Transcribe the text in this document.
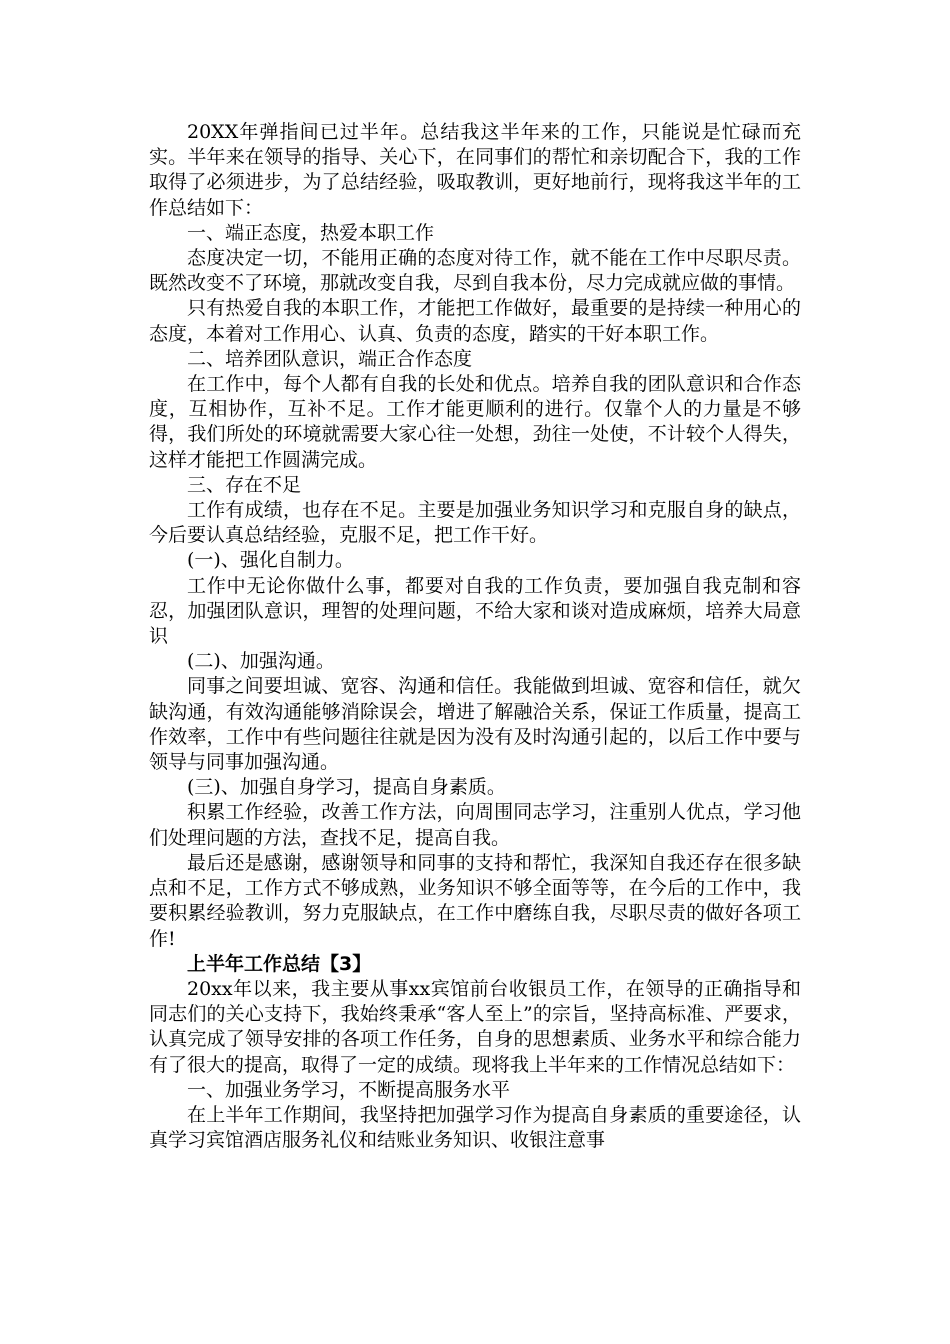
20XX年弹指间已过半年。总结我这半年来的工作，只能说是忙碌而充实。半年来在领导的指导、关心下，在同事们的帮忙和亲切配合下，我的工作取得了必须进步，为了总结经验，吸取教训，更好地前行，现将我这半年的工作总结如下：

一、端正态度，热爱本职工作

态度决定一切，不能用正确的态度对待工作，就不能在工作中尽职尽责。既然改变不了环境，那就改变自我，尽到自我本份，尽力完成就应做的事情。

只有热爱自我的本职工作，才能把工作做好，最重要的是持续一种用心的态度，本着对工作用心、认真、负责的态度，踏实的干好本职工作。

二、培养团队意识，端正合作态度

在工作中，每个人都有自我的长处和优点。培养自我的团队意识和合作态度，互相协作，互补不足。工作才能更顺利的进行。仅靠个人的力量是不够得，我们所处的环境就需要大家心往一处想，劲往一处使，不计较个人得失，这样才能把工作圆满完成。

三、存在不足

工作有成绩，也存在不足。主要是加强业务知识学习和克服自身的缺点，今后要认真总结经验，克服不足，把工作干好。

(一)、强化自制力。

工作中无论你做什么事，都要对自我的工作负责，要加强自我克制和容忍，加强团队意识，理智的处理问题，不给大家和谈对造成麻烦，培养大局意识

(二)、加强沟通。

同事之间要坦诚、宽容、沟通和信任。我能做到坦诚、宽容和信任，就欠缺沟通，有效沟通能够消除误会，增进了解融洽关系，保证工作质量，提高工作效率，工作中有些问题往往就是因为没有及时沟通引起的，以后工作中要与领导与同事加强沟通。

(三)、加强自身学习，提高自身素质。

积累工作经验，改善工作方法，向周围同志学习，注重别人优点，学习他们处理问题的方法，查找不足，提高自我。

最后还是感谢，感谢领导和同事的支持和帮忙，我深知自我还存在很多缺点和不足，工作方式不够成熟，业务知识不够全面等等，在今后的工作中，我要积累经验教训，努力克服缺点，在工作中磨练自我，尽职尽责的做好各项工作!

上半年工作总结【3】

20xx年以来，我主要从事xx宾馆前台收银员工作，在领导的正确指导和同志们的关心支持下，我始终秉承“客人至上”的宗旨，坚持高标准、严要求，认真完成了领导安排的各项工作任务，自身的思想素质、业务水平和综合能力有了很大的提高，取得了一定的成绩。现将我上半年来的工作情况总结如下：

一、加强业务学习，不断提高服务水平

在上半年工作期间，我坚持把加强学习作为提高自身素质的重要途径，认真学习宾馆酒店服务礼仪和结账业务知识、收银注意事
